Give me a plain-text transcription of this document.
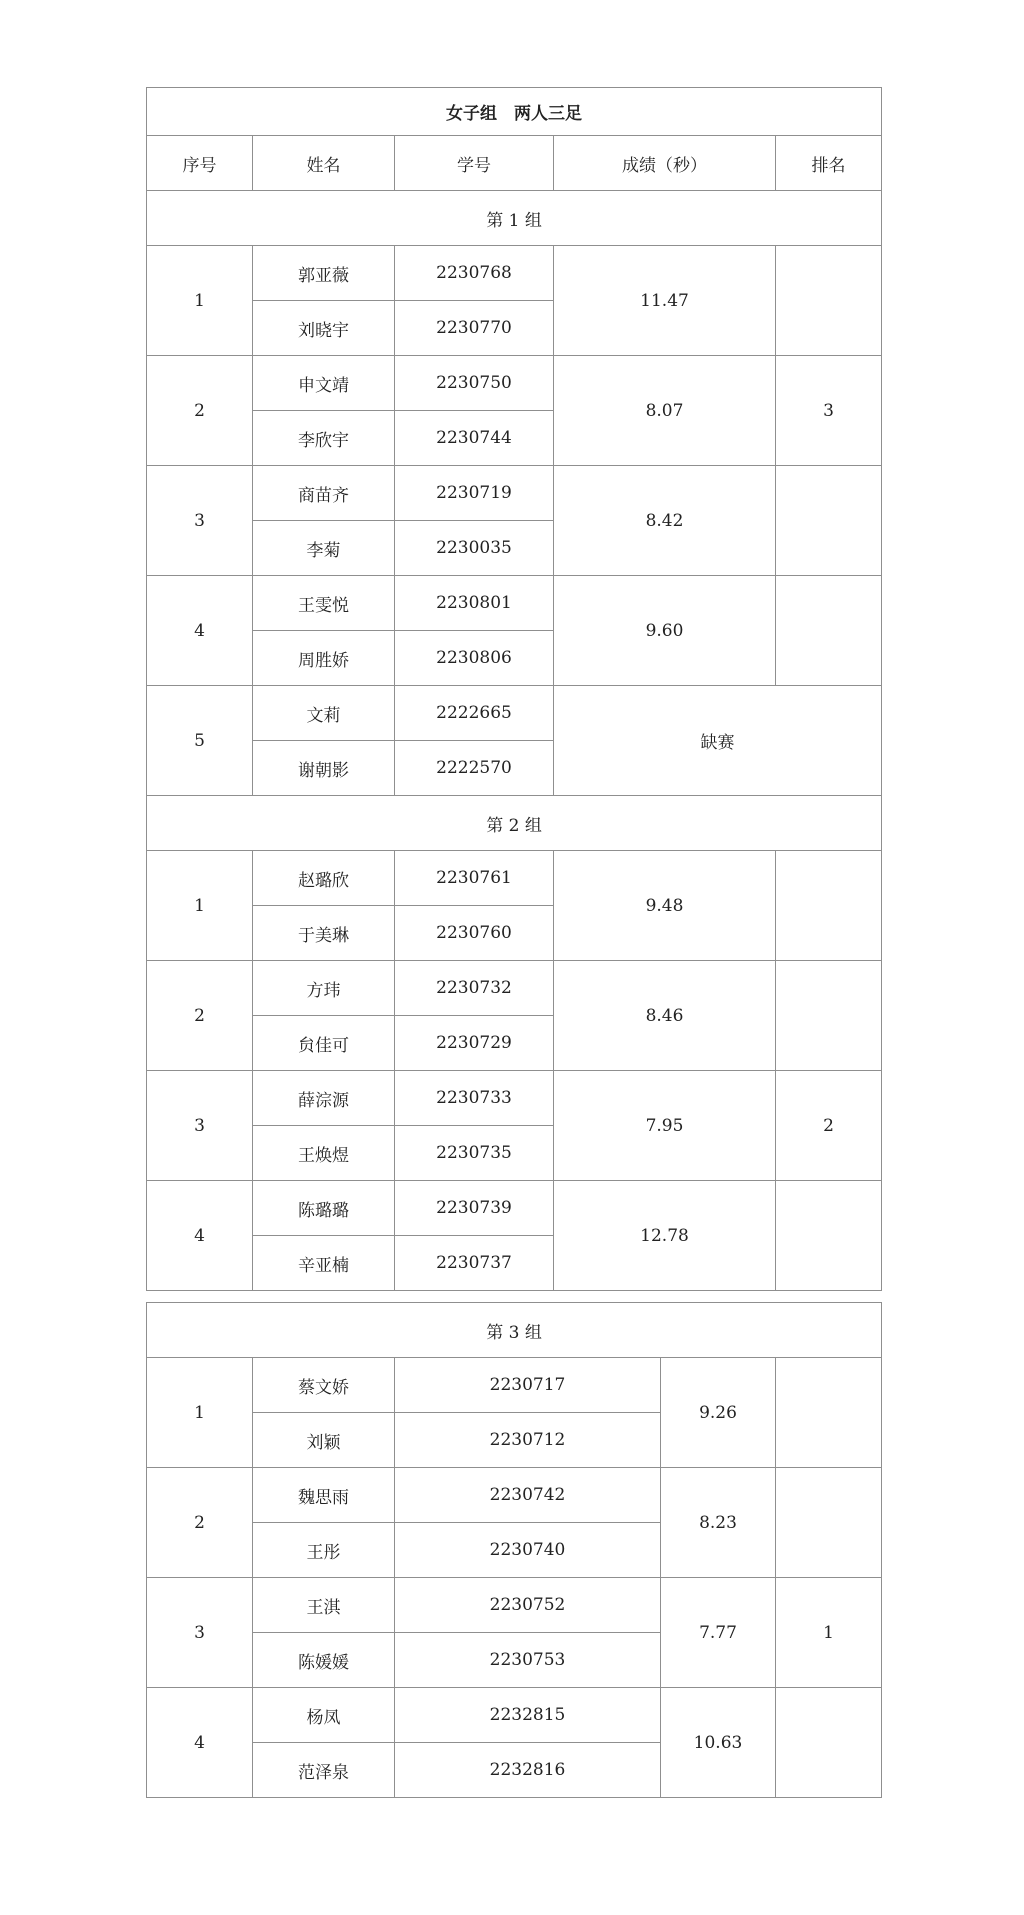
女子组　两人三足				
序号	姓名	学号	成绩（秒）	排名
第 1 组				
1	郭亚薇	2230768	11.47	
	刘晓宇	2230770		
2	申文靖	2230750	8.07	3
	李欣宇	2230744		
3	商苗齐	2230719	8.42	
	李菊	2230035		
4	王雯悦	2230801	9.60	
	周胜娇	2230806		
5	文莉	2222665	缺赛	
	谢朝影	2222570		
第 2 组				
1	赵璐欣	2230761	9.48	
	于美琳	2230760		
2	方玮	2230732	8.46	
	贠佳可	2230729		
3	薛淙源	2230733	7.95	2
	王焕煜	2230735		
4	陈璐璐	2230739	12.78	
	辛亚楠	2230737		
第 3 组				
1	蔡文娇	2230717	9.26	
	刘颖	2230712		
2	魏思雨	2230742	8.23	
	王彤	2230740		
3	王淇	2230752	7.77	1
	陈媛媛	2230753		
4	杨凤	2232815	10.63	
	范泽泉	2232816		
